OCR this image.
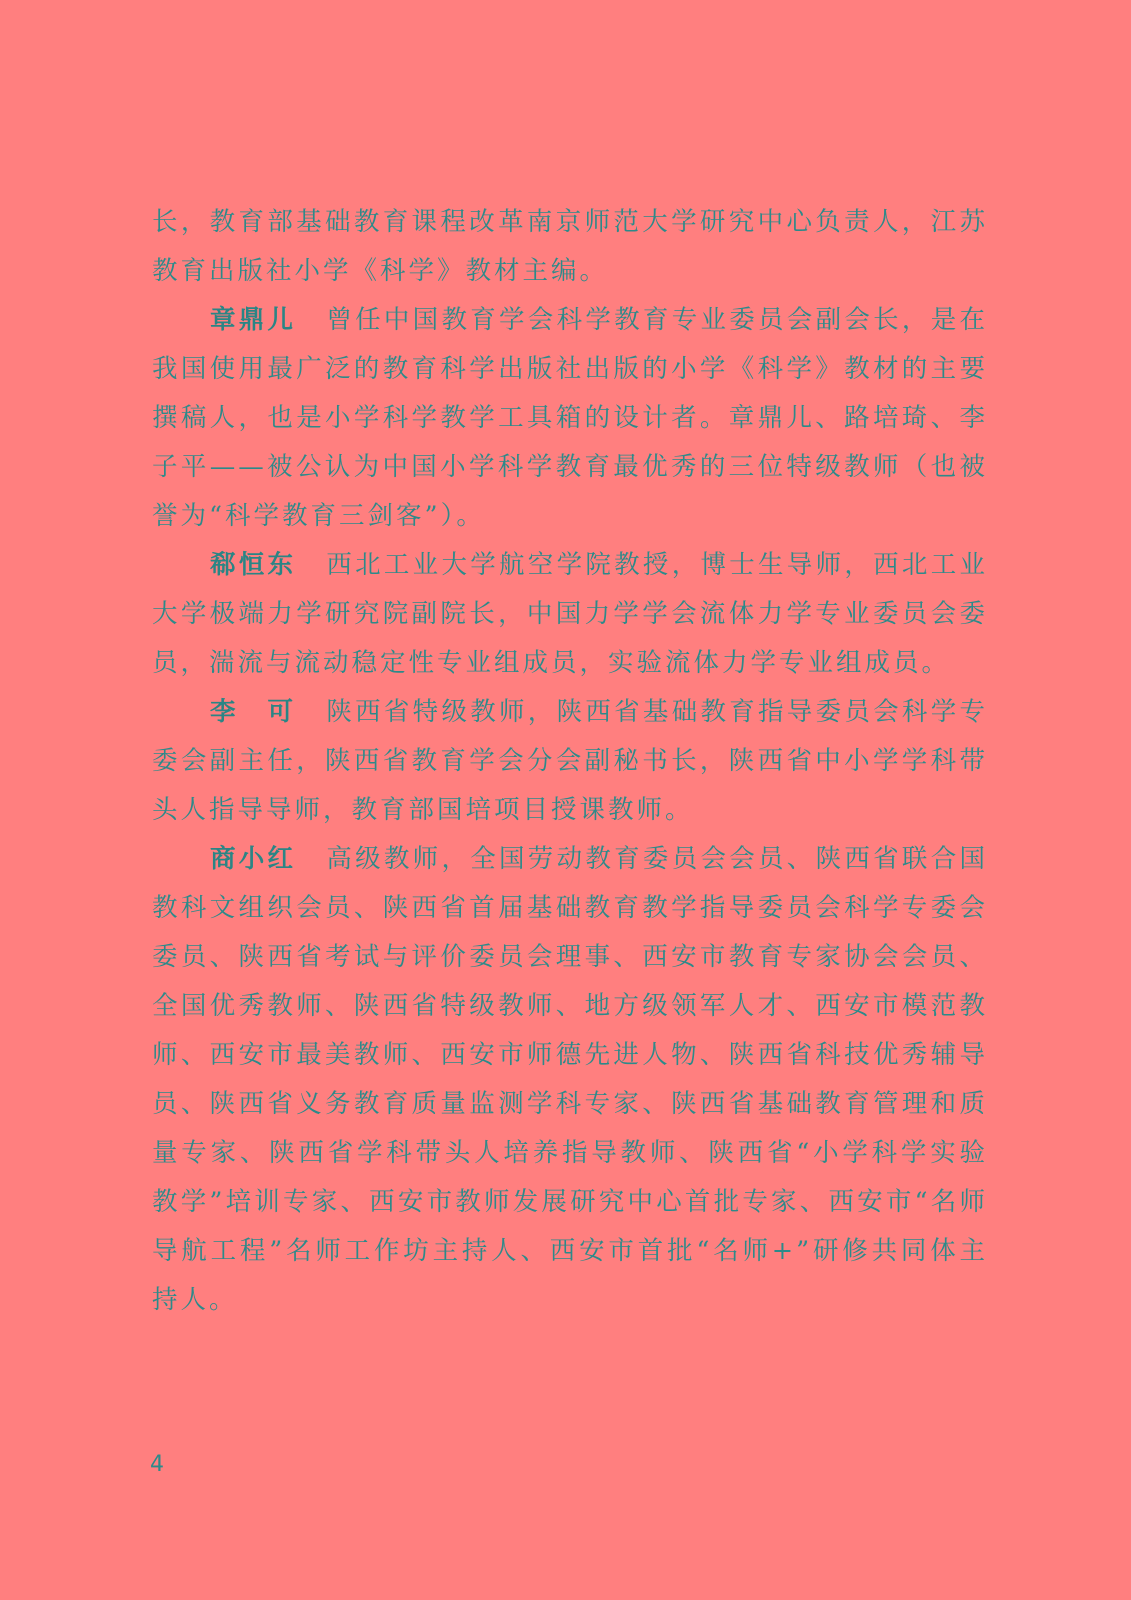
长，教育部基础教育课程改革南京师范大学研究中心负责人，江苏教育出版社小学《科学》教材主编。

章鼎儿 曾任中国教育学会科学教育专业委员会副会长，是在我国使用最广泛的教育科学出版社出版的小学《科学》教材的主要撰稿人，也是小学科学教学工具箱的设计者。章鼎儿、路培琦、李子平——被公认为中国小学科学教育最优秀的三位特级教师（也被誉为“科学教育三剑客”）。

郗恒东 西北工业大学航空学院教授，博士生导师，西北工业大学极端力学研究院副院长，中国力学学会流体力学专业委员会委员，湍流与流动稳定性专业组成员，实验流体力学专业组成员。

李　可 陕西省特级教师，陕西省基础教育指导委员会科学专委会副主任，陕西省教育学会分会副秘书长，陕西省中小学学科带头人指导导师，教育部国培项目授课教师。

商小红 高级教师，全国劳动教育委员会会员、陕西省联合国教科文组织会员、陕西省首届基础教育教学指导委员会科学专委会委员、陕西省考试与评价委员会理事、西安市教育专家协会会员、全国优秀教师、陕西省特级教师、地方级领军人才、西安市模范教师、西安市最美教师、西安市师德先进人物、陕西省科技优秀辅导员、陕西省义务教育质量监测学科专家、陕西省基础教育管理和质量专家、陕西省学科带头人培养指导教师、陕西省“小学科学实验教学”培训专家、西安市教师发展研究中心首批专家、西安市“名师导航工程”名师工作坊主持人、西安市首批“名师+”研修共同体主持人。

4
